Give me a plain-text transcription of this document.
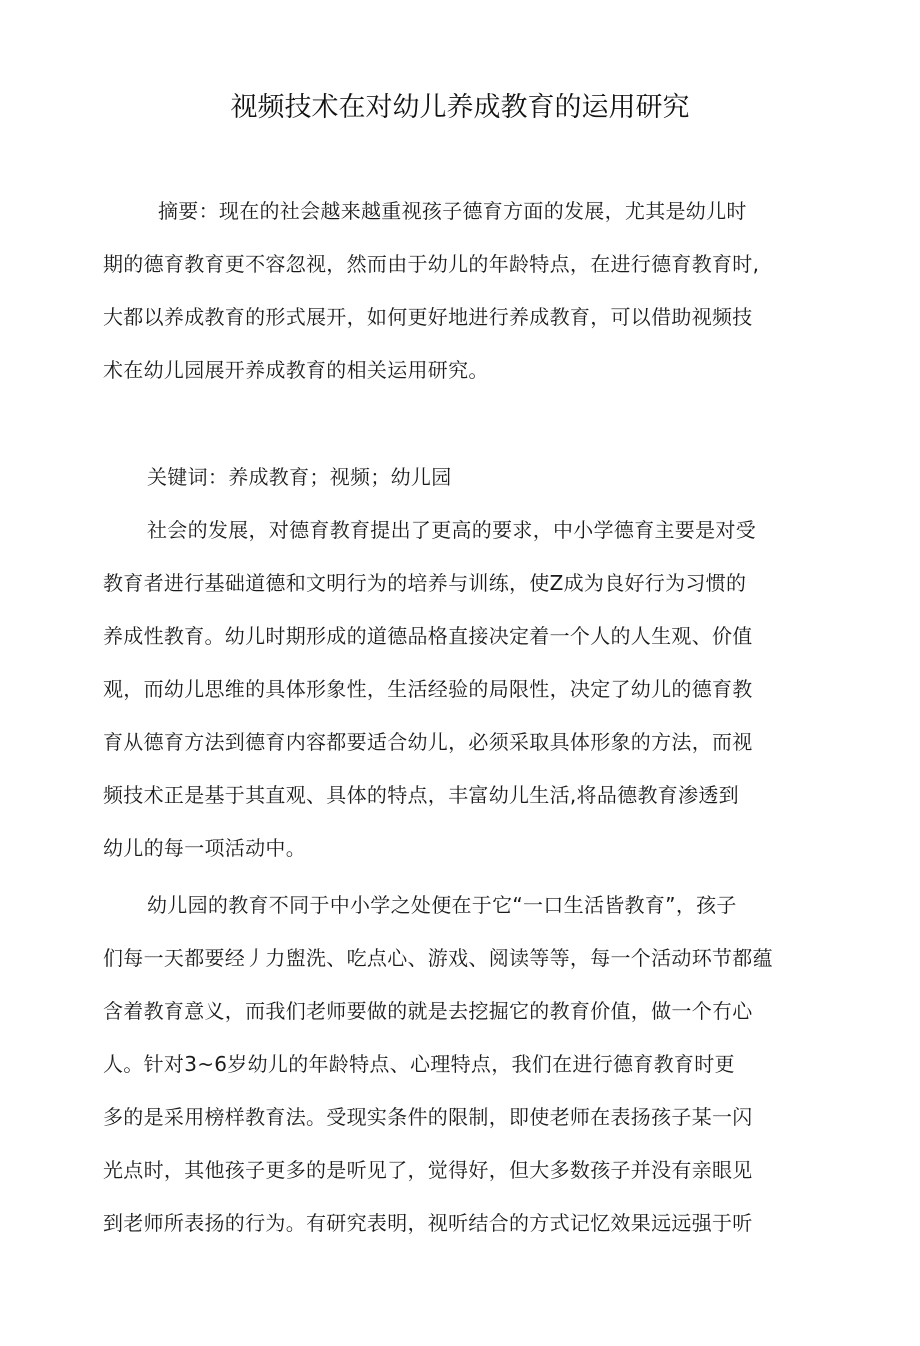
视频技术在对幼儿养成教育的运用研究
摘要：现在的社会越来越重视孩子德育方面的发展，尤其是幼儿时
期的德育教育更不容忽视，然而由于幼儿的年龄特点，在进行德育教育时,
大都以养成教育的形式展开，如何更好地进行养成教育，可以借助视频技
术在幼儿园展开养成教育的相关运用研究。
关键词：养成教育；视频；幼儿园
社会的发展，对德育教育提出了更高的要求，中小学德育主要是对受
教育者进行基础道德和文明行为的培养与训练，使Z成为良好行为习惯的
养成性教育。幼儿时期形成的道德品格直接决定着一个人的人生观、价值
观，而幼儿思维的具体形象性，生活经验的局限性，决定了幼儿的德育教
育从德育方法到德育内容都要适合幼儿，必须采取具体形象的方法，而视
频技术正是基于其直观、具体的特点，丰富幼儿生活,将品德教育渗透到
幼儿的每一项活动中。
幼儿园的教育不同于中小学之处便在于它“一口生活皆教育”，孩子
们每一天都要经丿力盥洗、吃点心、游戏、阅读等等，每一个活动环节都蕴
含着教育意义，而我们老师要做的就是去挖掘它的教育价值，做一个冇心
人。针对3~6岁幼儿的年龄特点、心理特点，我们在进行德育教育时更
多的是采用榜样教育法。受现实条件的限制，即使老师在表扬孩子某一闪
光点时，其他孩子更多的是听见了，觉得好，但大多数孩子并没有亲眼见
到老师所表扬的行为。有研究表明，视听结合的方式记忆效果远远强于听
